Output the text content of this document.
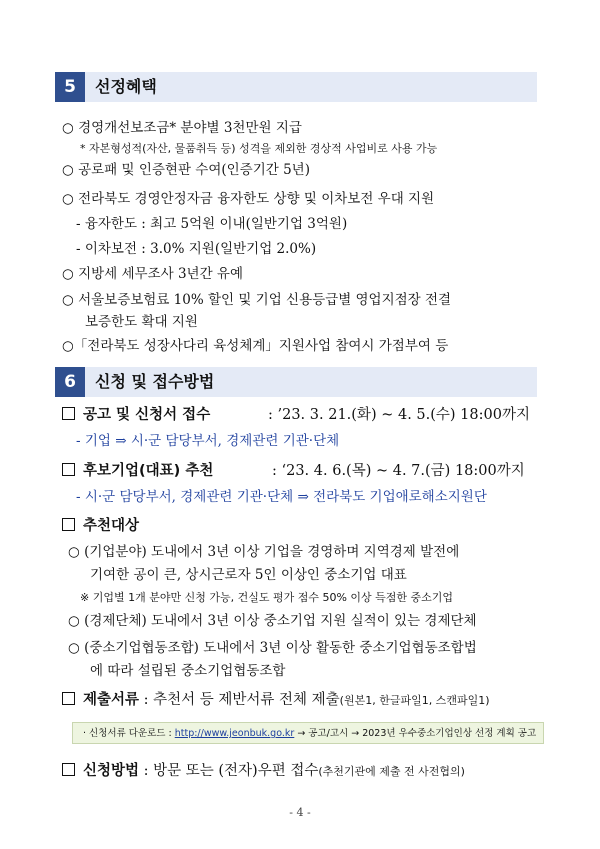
5	선정혜택
○ 경영개선보조금* 분야별 3천만원 지급
* 자본형성적(자산, 물품취득 등) 성격을 제외한 경상적 사업비로 사용 가능
○ 공로패 및 인증현판 수여(인증기간 5년)
○ 전라북도 경영안정자금 융자한도 상향 및 이차보전 우대 지원
- 융자한도 : 최고 5억원 이내(일반기업 3억원)
- 이차보전 : 3.0% 지원(일반기업 2.0%)
○ 지방세 세무조사 3년간 유예
○ 서울보증보험료 10% 할인 및 기업 신용등급별 영업지점장 전결
보증한도 확대 지원
○「전라북도 성장사다리 육성체계」지원사업 참여시 가점부여 등
6	신청 및 접수방법
공고 및 신청서 접수	: ’23. 3. 21.(화) ~ 4. 5.(수) 18:00까지
- 기업 ⇒ 시·군 담당부서, 경제관련 기관·단체
후보기업(대표) 추천	: ‘23. 4. 6.(목) ~ 4. 7.(금) 18:00까지
- 시·군 담당부서, 경제관련 기관·단체 ⇒ 전라북도 기업애로해소지원단
추천대상
○ (기업분야) 도내에서 3년 이상 기업을 경영하며 지역경제 발전에
기여한 공이 큰, 상시근로자 5인 이상인 중소기업 대표
※ 기업별 1개 분야만 신청 가능, 건실도 평가 점수 50% 이상 득점한 중소기업
○ (경제단체) 도내에서 3년 이상 중소기업 지원 실적이 있는 경제단체
○ (중소기업협동조합) 도내에서 3년 이상 활동한 중소기업협동조합법
에 따라 설립된 중소기업협동조합
제출서류 : 추천서 등 제반서류 전체 제출(원본1, 한글파일1, 스캔파일1)
· 신청서류 다운로드 : http://www.jeonbuk.go.kr → 공고/고시 → 2023년 우수중소기업인상 선정 계획 공고
신청방법 : 방문 또는 (전자)우편 접수(추천기관에 제출 전 사전협의)
- 4 -
